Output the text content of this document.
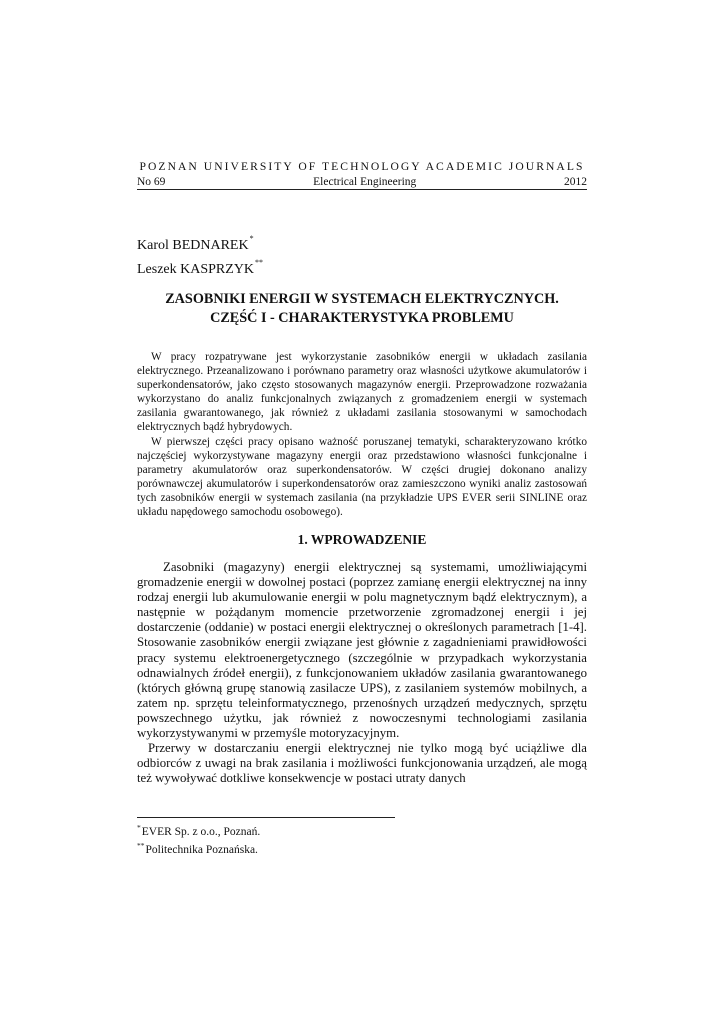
POZNAN UNIVERSITY OF TECHNOLOGY ACADEMIC JOURNALS
No 69	Electrical Engineering	2012
Karol BEDNAREK*
Leszek KASPRZYK**
ZASOBNIKI ENERGII W SYSTEMACH ELEKTRYCZNYCH.
CZĘŚĆ I - CHARAKTERYSTYKA PROBLEMU

W pracy rozpatrywane jest wykorzystanie zasobników energii w układach zasilania elektrycznego. Przeanalizowano i porównano parametry oraz własności użytkowe akumulatorów i superkondensatorów, jako często stosowanych magazynów energii. Przeprowadzone rozważania wykorzystano do analiz funkcjonalnych związanych z gromadzeniem energii w systemach zasilania gwarantowanego, jak również z układami zasilania stosowanymi w samochodach elektrycznych bądź hybrydowych.

W pierwszej części pracy opisano ważność poruszanej tematyki, scharakteryzowano krótko najczęściej wykorzystywane magazyny energii oraz przedstawiono własności funkcjonalne i parametry akumulatorów oraz superkondensatorów. W części drugiej dokonano analizy porównawczej akumulatorów i superkondensatorów oraz zamieszczono wyniki analiz zastosowań tych zasobników energii w systemach zasilania (na przykładzie UPS EVER serii SINLINE oraz układu napędowego samochodu osobowego).

1. WPROWADZENIE

Zasobniki (magazyny) energii elektrycznej są systemami, umożliwiającymi gromadzenie energii w dowolnej postaci (poprzez zamianę energii elektrycznej na inny rodzaj energii lub akumulowanie energii w polu magnetycznym bądź elektrycznym), a następnie w pożądanym momencie przetworzenie zgromadzonej energii i jej dostarczenie (oddanie) w postaci energii elektrycznej o określonych parametrach [1-4]. Stosowanie zasobników energii związane jest głównie z zagadnieniami prawidłowości pracy systemu elektroenergetycznego (szczególnie w przypadkach wykorzystania odnawialnych źródeł energii), z funkcjonowaniem układów zasilania gwarantowanego (których główną grupę stanowią zasilacze UPS), z zasilaniem systemów mobilnych, a zatem np. sprzętu teleinformatycznego, przenośnych urządzeń medycznych, sprzętu powszechnego użytku, jak również z nowoczesnymi technologiami zasilania wykorzystywanymi w przemyśle motoryzacyjnym.

Przerwy w dostarczaniu energii elektrycznej nie tylko mogą być uciążliwe dla odbiorców z uwagi na brak zasilania i możliwości funkcjonowania urządzeń, ale mogą też wywoływać dotkliwe konsekwencje w postaci utraty danych

*EVER Sp. z o.o., Poznań.
**Politechnika Poznańska.
